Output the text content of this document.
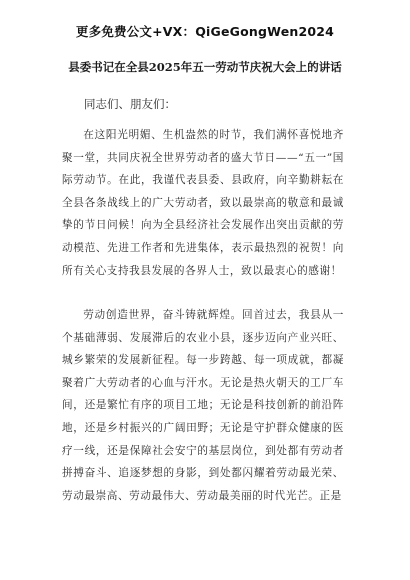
更多免费公文+VX：QiGeGongWen2024
县委书记在全县2025年五一劳动节庆祝大会上的讲话
同志们、朋友们：
在这阳光明媚、生机盎然的时节，我们满怀喜悦地齐聚一堂，共同庆祝全世界劳动者的盛大节日——“五一”国际劳动节。在此，我谨代表县委、县政府，向辛勤耕耘在全县各条战线上的广大劳动者，致以最崇高的敬意和最诚挚的节日问候！向为全县经济社会发展作出突出贡献的劳动模范、先进工作者和先进集体，表示最热烈的祝贺！向所有关心支持我县发展的各界人士，致以最衷心的感谢！
劳动创造世界，奋斗铸就辉煌。回首过去，我县从一个基础薄弱、发展滞后的农业小县，逐步迈向产业兴旺、城乡繁荣的发展新征程。每一步跨越、每一项成就，都凝聚着广大劳动者的心血与汗水。无论是热火朝天的工厂车间，还是繁忙有序的项目工地；无论是科技创新的前沿阵地，还是乡村振兴的广阔田野；无论是守护群众健康的医疗一线，还是保障社会安宁的基层岗位，到处都有劳动者拼搏奋斗、追逐梦想的身影，到处都闪耀着劳动最光荣、劳动最崇高、劳动最伟大、劳动最美丽的时代光芒。正是
